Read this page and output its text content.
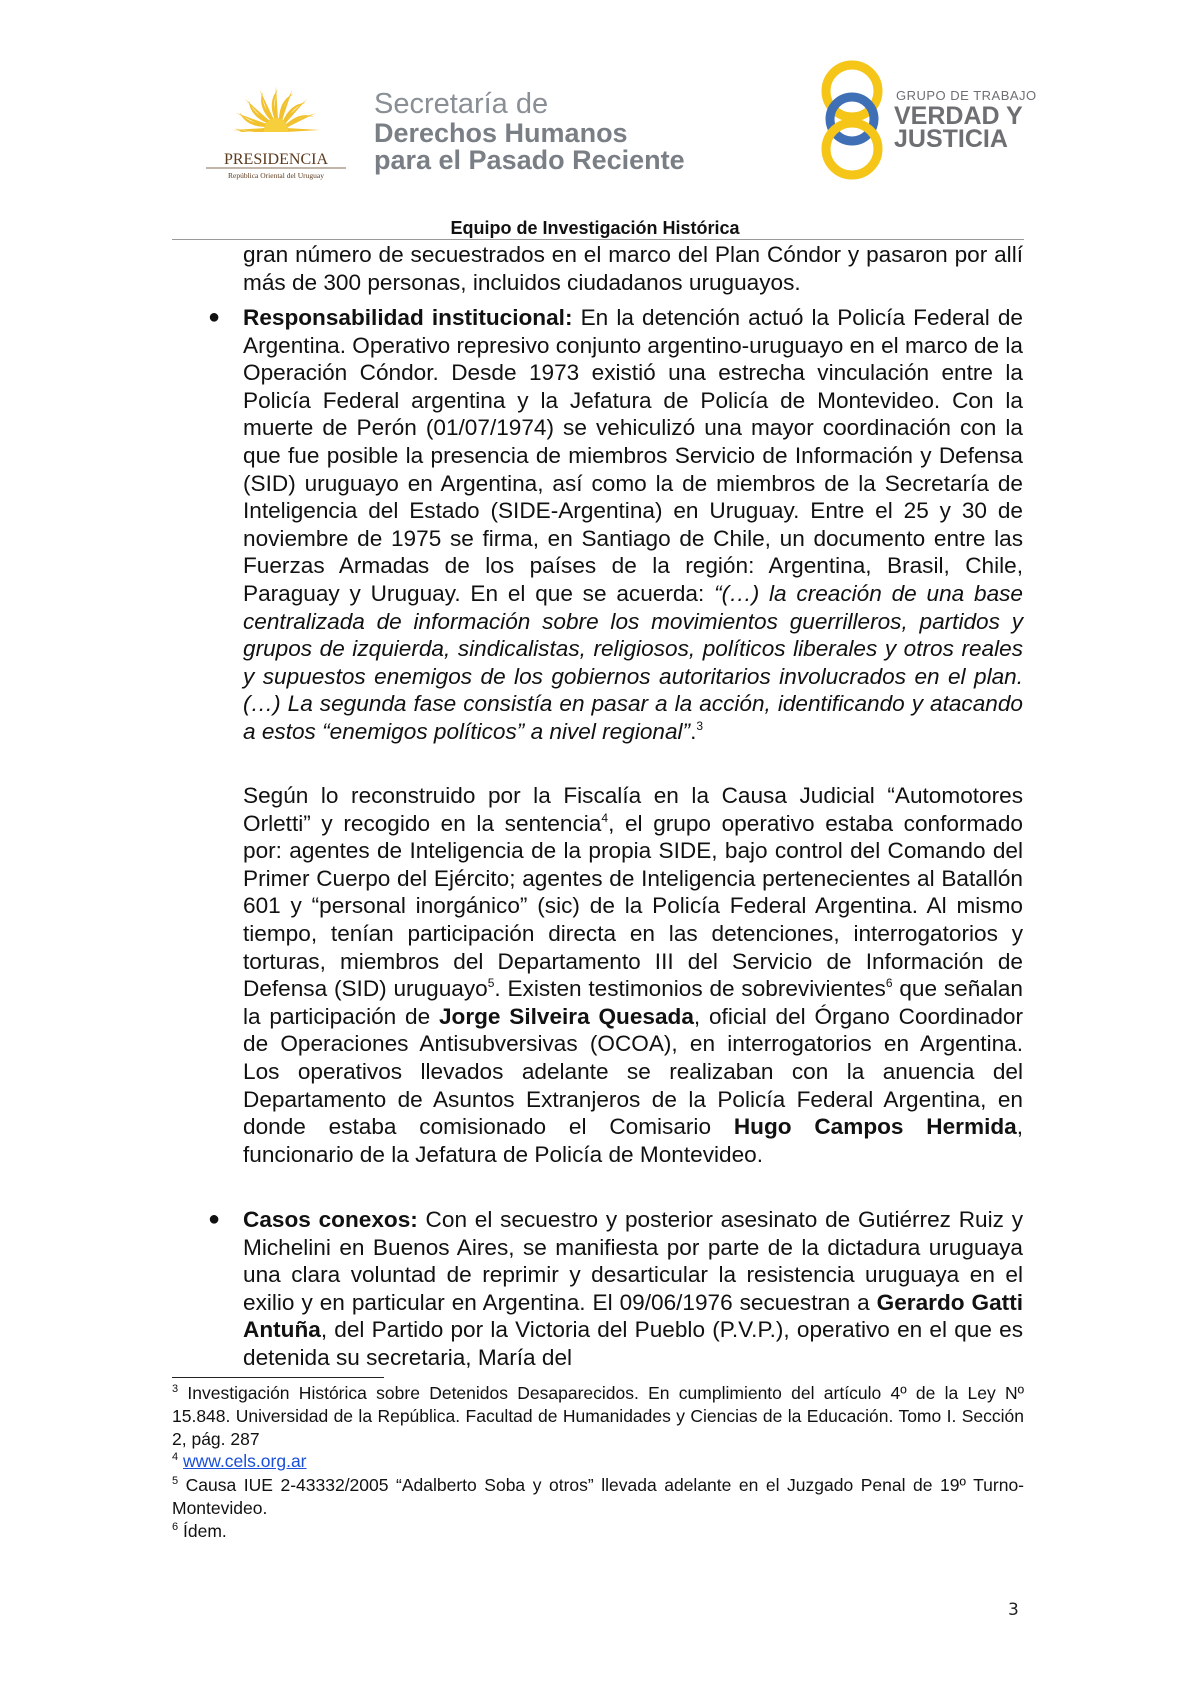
PRESIDENCIA
República Oriental del Uruguay
Secretaría de
Derechos Humanos
para el Pasado Reciente
GRUPO DE TRABAJO
VERDAD Y
JUSTICIA
Equipo de Investigación Histórica

gran número de secuestrados en el marco del Plan Cóndor y pasaron por allí más de 300 personas, incluidos ciudadanos uruguayos.

● Responsabilidad institucional: En la detención actuó la Policía Federal de Argentina. Operativo represivo conjunto argentino-uruguayo en el marco de la Operación Cóndor. Desde 1973 existió una estrecha vinculación entre la Policía Federal argentina y la Jefatura de Policía de Montevideo. Con la muerte de Perón (01/07/1974) se vehiculizó una mayor coordinación con la que fue posible la presencia de miembros Servicio de Información y Defensa (SID) uruguayo en Argentina, así como la de miembros de la Secretaría de Inteligencia del Estado (SIDE-Argentina) en Uruguay. Entre el 25 y 30 de noviembre de 1975 se firma, en Santiago de Chile, un documento entre las Fuerzas Armadas de los países de la región: Argentina, Brasil, Chile, Paraguay y Uruguay. En el que se acuerda: “(…) la creación de una base centralizada de información sobre los movimientos guerrilleros, partidos y grupos de izquierda, sindicalistas, religiosos, políticos liberales y otros reales y supuestos enemigos de los gobiernos autoritarios involucrados en el plan. (…) La segunda fase consistía en pasar a la acción, identificando y atacando a estos “enemigos políticos” a nivel regional”.$^3$

Según lo reconstruido por la Fiscalía en la Causa Judicial “Automotores Orletti” y recogido en la sentencia$^4$, el grupo operativo estaba conformado por: agentes de Inteligencia de la propia SIDE, bajo control del Comando del Primer Cuerpo del Ejército; agentes de Inteligencia pertenecientes al Batallón 601 y “personal inorgánico” (sic) de la Policía Federal Argentina. Al mismo tiempo, tenían participación directa en las detenciones, interrogatorios y torturas, miembros del Departamento III del Servicio de Información de Defensa (SID) uruguayo$^5$. Existen testimonios de sobrevivientes$^6$ que señalan la participación de Jorge Silveira Quesada, oficial del Órgano Coordinador de Operaciones Antisubversivas (OCOA), en interrogatorios en Argentina. Los operativos llevados adelante se realizaban con la anuencia del Departamento de Asuntos Extranjeros de la Policía Federal Argentina, en donde estaba comisionado el Comisario Hugo Campos Hermida, funcionario de la Jefatura de Policía de Montevideo.

● Casos conexos: Con el secuestro y posterior asesinato de Gutiérrez Ruiz y Michelini en Buenos Aires, se manifiesta por parte de la dictadura uruguaya una clara voluntad de reprimir y desarticular la resistencia uruguaya en el exilio y en particular en Argentina. El 09/06/1976 secuestran a Gerardo Gatti Antuña, del Partido por la Victoria del Pueblo (P.V.P.), operativo en el que es detenida su secretaria, María del

$^3$ Investigación Histórica sobre Detenidos Desaparecidos. En cumplimiento del artículo 4º de la Ley Nº 15.848. Universidad de la República. Facultad de Humanidades y Ciencias de la Educación. Tomo I. Sección 2, pág. 287
$^4$ www.cels.org.ar
$^5$ Causa IUE 2-43332/2005 “Adalberto Soba y otros” llevada adelante en el Juzgado Penal de 19º Turno-Montevideo.
$^6$ Ídem.
3
